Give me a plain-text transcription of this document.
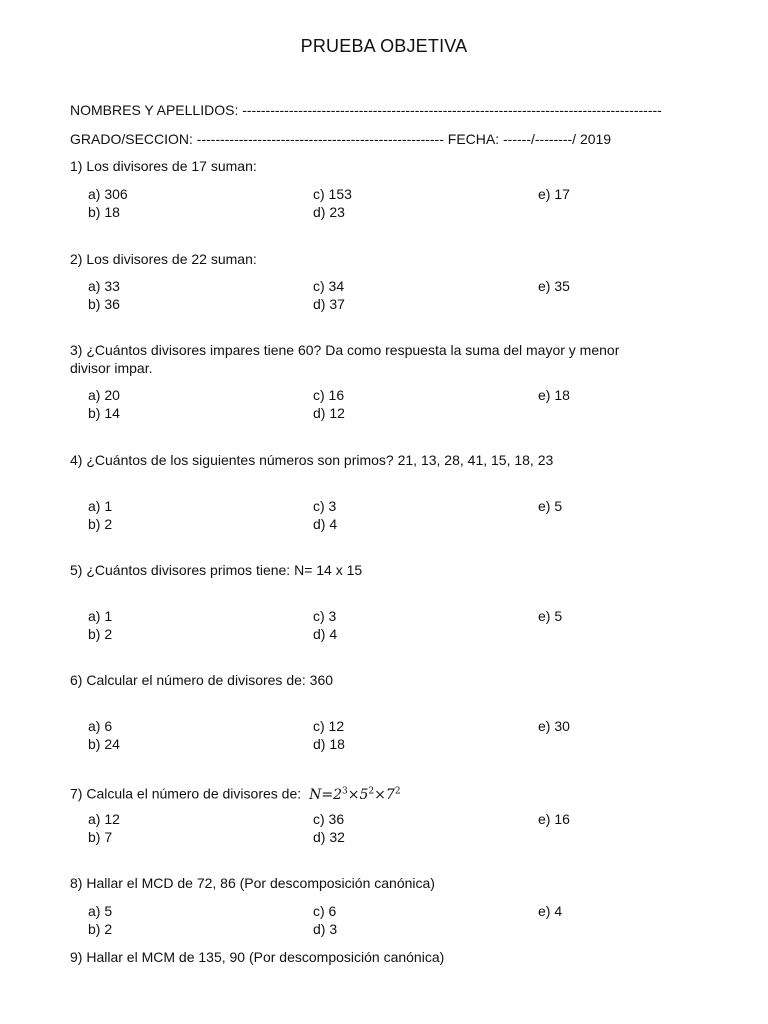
PRUEBA OBJETIVA
NOMBRES Y APELLIDOS: ------------------------------------------------------------------------------------------
GRADO/SECCION: ----------------------------------------------------- FECHA: ------/--------/ 2019

1) Los divisores de 17 suman:

a) 306
b) 18
c) 153
d) 23
e) 17

2) Los divisores de 22 suman:

a) 33
b) 36
c) 34
d) 37
e) 35

3) ¿Cuántos divisores impares tiene 60? Da como respuesta la suma del mayor y menor

divisor impar.

a) 20
b) 14
c) 16
d) 12
e) 18

4) ¿Cuántos de los siguientes números son primos? 21, 13, 28, 41, 15, 18, 23

a) 1
b) 2
c) 3
d) 4
e) 5

5) ¿Cuántos divisores primos tiene: N= 14 x 15

a) 1
b) 2
c) 3
d) 4
e) 5

6) Calcular el número de divisores de: 360

a) 6
b) 24
c) 12
d) 18
e) 30

7) Calcula el número de divisores de: $N=2^3\times 5^2\times 7^2$

a) 12
b) 7
c) 36
d) 32
e) 16

8) Hallar el MCD de 72, 86 (Por descomposición canónica)

a) 5
b) 2
c) 6
d) 3
e) 4

9) Hallar el MCM de 135, 90 (Por descomposición canónica)
